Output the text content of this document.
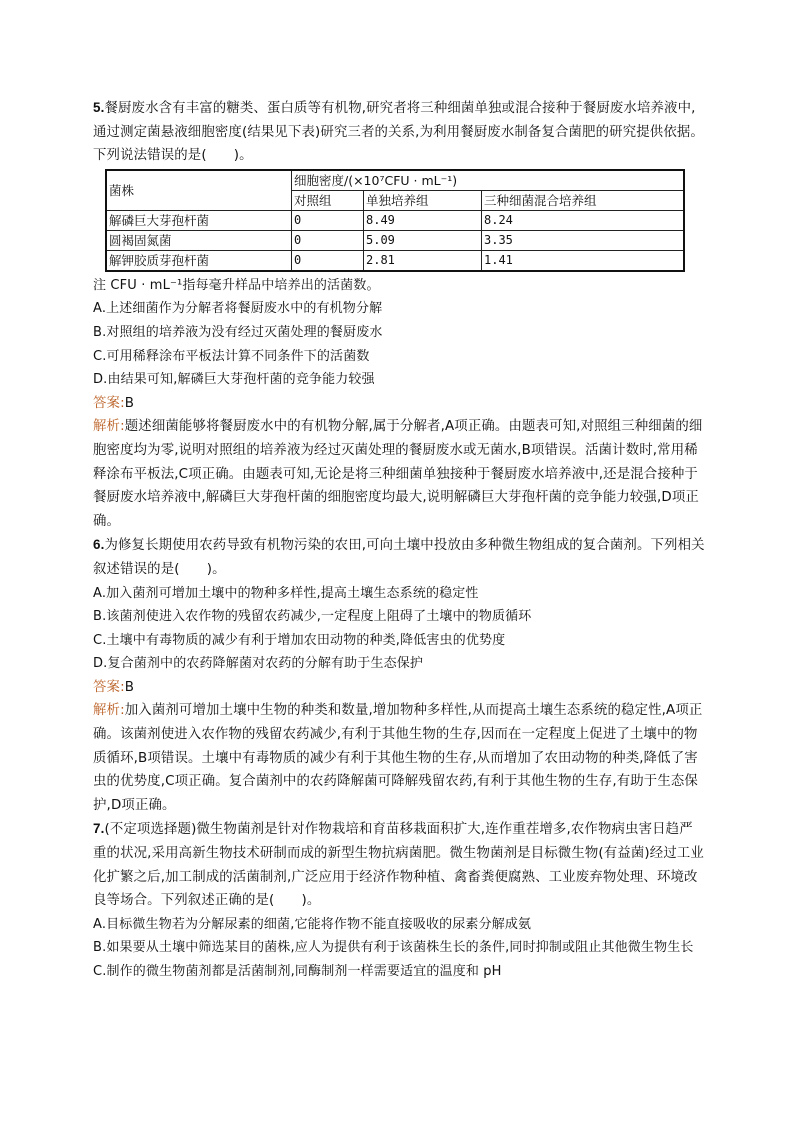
5.餐厨废水含有丰富的糖类、蛋白质等有机物,研究者将三种细菌单独或混合接种于餐厨废水培养液中,通过测定菌悬液细胞密度(结果见下表)研究三者的关系,为利用餐厨废水制备复合菌肥的研究提供依据。下列说法错误的是(　　)。

菌株	细胞密度/(×10⁷CFU · mL⁻¹)		
	对照组	单独培养组	三种细菌混合培养组
解磷巨大芽孢杆菌	0	8.49	8.24
圆褐固氮菌	0	5.09	3.35
解钾胶质芽孢杆菌	0	2.81	1.41

注 CFU · mL⁻¹指每毫升样品中培养出的活菌数。

A.上述细菌作为分解者将餐厨废水中的有机物分解

B.对照组的培养液为没有经过灭菌处理的餐厨废水

C.可用稀释涂布平板法计算不同条件下的活菌数

D.由结果可知,解磷巨大芽孢杆菌的竞争能力较强

答案:B

解析:题述细菌能够将餐厨废水中的有机物分解,属于分解者,A项正确。由题表可知,对照组三种细菌的细胞密度均为零,说明对照组的培养液为经过灭菌处理的餐厨废水或无菌水,B项错误。活菌计数时,常用稀释涂布平板法,C项正确。由题表可知,无论是将三种细菌单独接种于餐厨废水培养液中,还是混合接种于餐厨废水培养液中,解磷巨大芽孢杆菌的细胞密度均最大,说明解磷巨大芽孢杆菌的竞争能力较强,D项正确。

6.为修复长期使用农药导致有机物污染的农田,可向土壤中投放由多种微生物组成的复合菌剂。下列相关叙述错误的是(　　)。

A.加入菌剂可增加土壤中的物种多样性,提高土壤生态系统的稳定性

B.该菌剂使进入农作物的残留农药减少,一定程度上阻碍了土壤中的物质循环

C.土壤中有毒物质的减少有利于增加农田动物的种类,降低害虫的优势度

D.复合菌剂中的农药降解菌对农药的分解有助于生态保护

答案:B

解析:加入菌剂可增加土壤中生物的种类和数量,增加物种多样性,从而提高土壤生态系统的稳定性,A项正确。该菌剂使进入农作物的残留农药减少,有利于其他生物的生存,因而在一定程度上促进了土壤中的物质循环,B项错误。土壤中有毒物质的减少有利于其他生物的生存,从而增加了农田动物的种类,降低了害虫的优势度,C项正确。复合菌剂中的农药降解菌可降解残留农药,有利于其他生物的生存,有助于生态保护,D项正确。

7.(不定项选择题)微生物菌剂是针对作物栽培和育苗移栽面积扩大,连作重茬增多,农作物病虫害日趋严重的状况,采用高新生物技术研制而成的新型生物抗病菌肥。微生物菌剂是目标微生物(有益菌)经过工业化扩繁之后,加工制成的活菌制剂,广泛应用于经济作物种植、禽畜粪便腐熟、工业废弃物处理、环境改良等场合。下列叙述正确的是(　　)。

A.目标微生物若为分解尿素的细菌,它能将作物不能直接吸收的尿素分解成氨

B.如果要从土壤中筛选某目的菌株,应人为提供有利于该菌株生长的条件,同时抑制或阻止其他微生物生长

C.制作的微生物菌剂都是活菌制剂,同酶制剂一样需要适宜的温度和 pH
